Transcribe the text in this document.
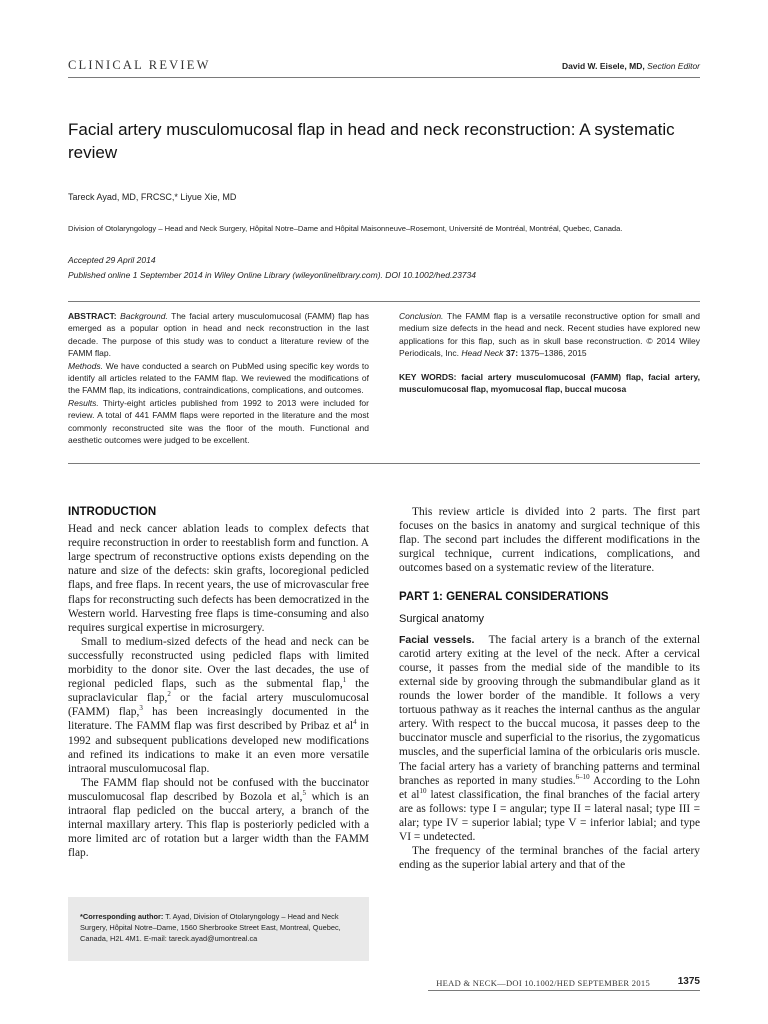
CLINICAL REVIEW	David W. Eisele, MD, Section Editor
Facial artery musculomucosal flap in head and neck reconstruction: A systematic review
Tareck Ayad, MD, FRCSC,* Liyue Xie, MD
Division of Otolaryngology – Head and Neck Surgery, Hôpital Notre–Dame and Hôpital Maisonneuve–Rosemont, Université de Montréal, Montréal, Quebec, Canada.
Accepted 29 April 2014
Published online 1 September 2014 in Wiley Online Library (wileyonlinelibrary.com). DOI 10.1002/hed.23734

ABSTRACT: Background. The facial artery musculomucosal (FAMM) flap has emerged as a popular option in head and neck reconstruction in the last decade. The purpose of this study was to conduct a literature review of the FAMM flap.

Methods. We have conducted a search on PubMed using specific key words to identify all articles related to the FAMM flap. We reviewed the modifications of the FAMM flap, its indications, contraindications, complications, and outcomes.

Results. Thirty-eight articles published from 1992 to 2013 were included for review. A total of 441 FAMM flaps were reported in the literature and the most commonly reconstructed site was the floor of the mouth. Functional and aesthetic outcomes were judged to be excellent.

Conclusion. The FAMM flap is a versatile reconstructive option for small and medium size defects in the head and neck. Recent studies have explored new applications for this flap, such as in skull base reconstruction. © 2014 Wiley Periodicals, Inc. Head Neck 37: 1375–1386, 2015

KEY WORDS: facial artery musculomucosal (FAMM) flap, facial artery, musculomucosal flap, myomucosal flap, buccal mucosa

INTRODUCTION

Head and neck cancer ablation leads to complex defects that require reconstruction in order to reestablish form and function. A large spectrum of reconstructive options exists depending on the nature and size of the defects: skin grafts, locoregional pedicled flaps, and free flaps. In recent years, the use of microvascular free flaps for reconstructing such defects has been democratized in the Western world. Harvesting free flaps is time-consuming and also requires surgical expertise in microsurgery.

Small to medium-sized defects of the head and neck can be successfully reconstructed using pedicled flaps with limited morbidity to the donor site. Over the last decades, the use of regional pedicled flaps, such as the submental flap,$^1$ the supraclavicular flap,$^2$ or the facial artery musculomucosal (FAMM) flap,$^3$ has been increasingly documented in the literature. The FAMM flap was first described by Pribaz et $al^4$ in 1992 and subsequent publications developed new modifications and refined its indications to make it an even more versatile intraoral musculomucosal flap.

The FAMM flap should not be confused with the buccinator musculomucosal flap described by Bozola et al,$^5$ which is an intraoral flap pedicled on the buccal artery, a branch of the internal maxillary artery. This flap is posteriorly pedicled with a more limited arc of rotation but a larger width than the FAMM flap.

This review article is divided into 2 parts. The first part focuses on the basics in anatomy and surgical technique of this flap. The second part includes the different modifications in the surgical technique, current indications, complications, and outcomes based on a systematic review of the literature.

PART 1: GENERAL CONSIDERATIONS
Surgical anatomy

Facial vessels. The facial artery is a branch of the external carotid artery exiting at the level of the neck. After a cervical course, it passes from the medial side of the mandible to its external side by grooving through the submandibular gland as it rounds the lower border of the mandible. It follows a very tortuous pathway as it reaches the internal canthus as the angular artery. With respect to the buccal mucosa, it passes deep to the buccinator muscle and superficial to the risorius, the zygomaticus muscles, and the superficial lamina of the orbicularis oris muscle. The facial artery has a variety of branching patterns and terminal branches as reported in many studies.$^{6-10}$ According to the Lohn et $al^{10}$ latest classification, the final branches of the facial artery are as follows: type I = angular; type II = lateral nasal; type III = alar; type IV = superior labial; type V = inferior labial; and type VI = undetected.

The frequency of the terminal branches of the facial artery ending as the superior labial artery and that of the

*Corresponding author: T. Ayad, Division of Otolaryngology – Head and Neck Surgery, Hôpital Notre–Dame, 1560 Sherbrooke Street East, Montreal, Quebec, Canada, H2L 4M1. E-mail: tareck.ayad@umontreal.ca
HEAD & NECK—DOI 10.1002/HED SEPTEMBER 2015	1375
